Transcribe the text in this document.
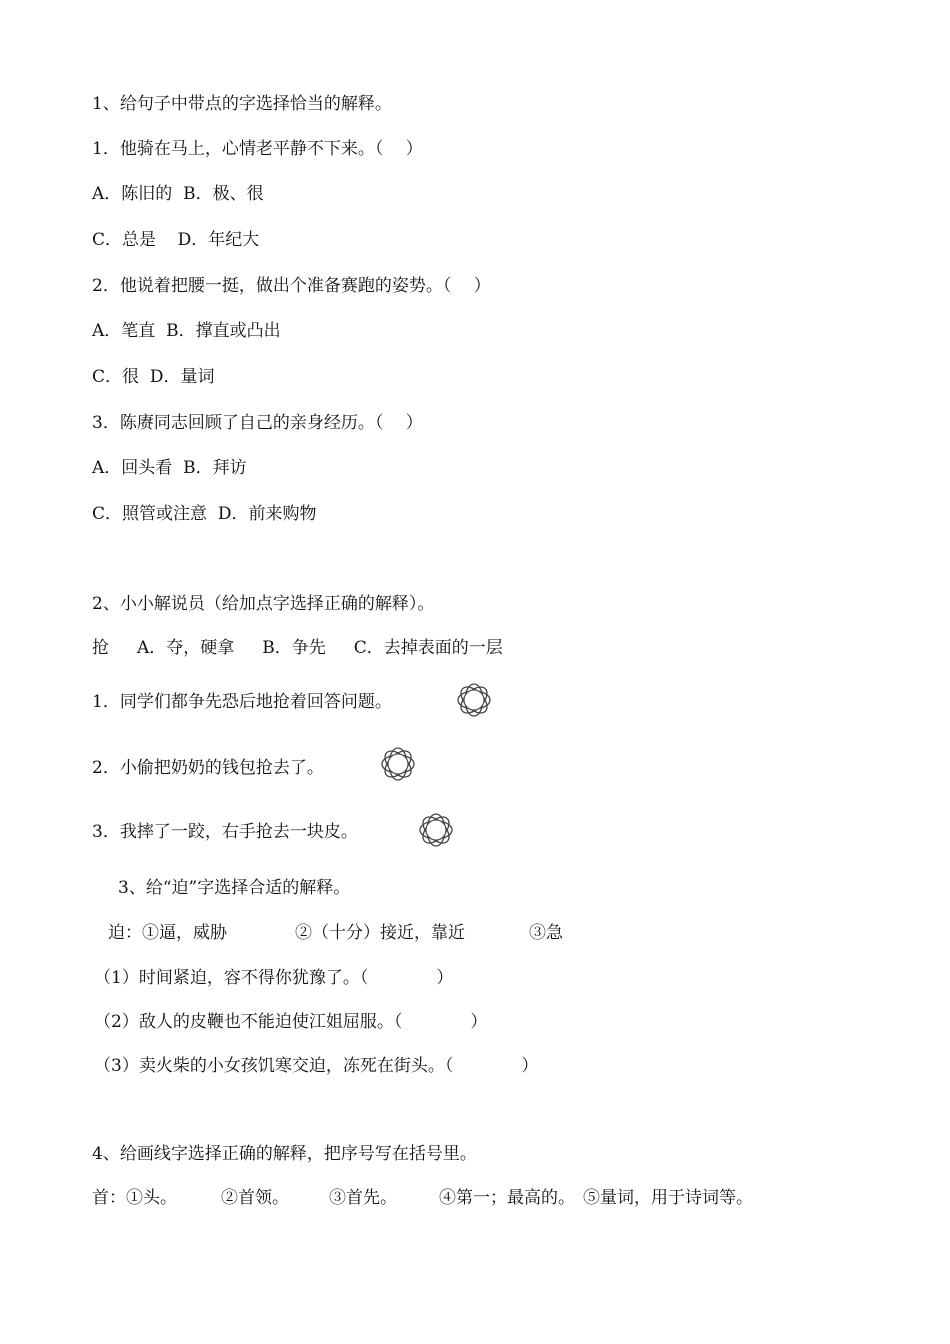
1、给句子中带点的字选择恰当的解释。
1．他骑在马上，心情老平静不下来。（　 ）
A．陈旧的  B．极、很
C．总是    D．年纪大
2．他说着把腰一挺，做出个准备赛跑的姿势。（　 ）
A．笔直  B．撑直或凸出
C．很  D．量词
3．陈赓同志回顾了自己的亲身经历。（　 ）
A．回头看  B．拜访
C．照管或注意  D．前来购物
2、小小解说员（给加点字选择正确的解释）。
抢 A．夺，硬拿 B．争先 C．去掉表面的一层
1．同学们都争先恐后地抢着回答问题。
2．小偷把奶奶的钱包抢去了。
3．我摔了一跤，右手抢去一块皮。
3、给“迫”字选择合适的解释。
迫：①逼，威胁	②（十分）接近，靠近	③急
（1）时间紧迫，容不得你犹豫了。（　　　　）
（2）敌人的皮鞭也不能迫使江姐屈服。（　　　　）
（3）卖火柴的小女孩饥寒交迫，冻死在街头。（　　　　）
4、给画线字选择正确的解释，把序号写在括号里。
首：①头。	②首领。 ③首先。 ④第一；最高的。 ⑤量词，用于诗词等。
